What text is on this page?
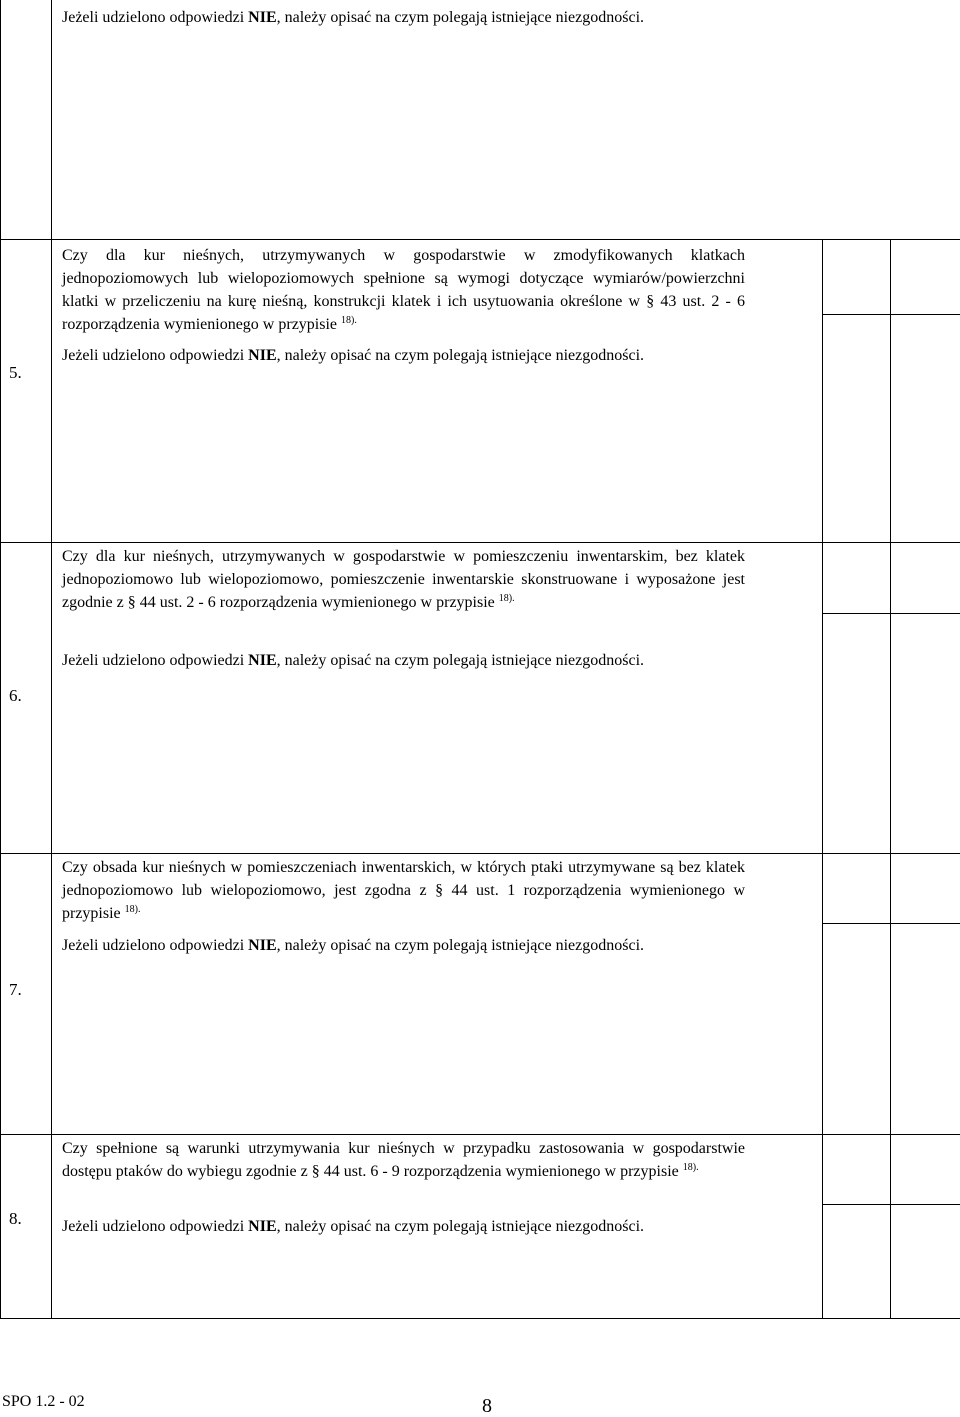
Jeżeli udzielono odpowiedzi NIE, należy opisać na czym polegają istniejące niezgodności.

5.

Czy dla kur nieśnych, utrzymywanych w gospodarstwie w zmodyfikowanych klatkach jednopoziomowych lub wielopoziomowych spełnione są wymogi dotyczące wymiarów/powierzchni klatki w przeliczeniu na kurę nieśną, konstrukcji klatek i ich usytuowania określone w § 43 ust. 2 - 6 rozporządzenia wymienionego w przypisie $^{18).}$

Jeżeli udzielono odpowiedzi NIE, należy opisać na czym polegają istniejące niezgodności.

6.

Czy dla kur nieśnych, utrzymywanych w gospodarstwie w pomieszczeniu inwentarskim, bez klatek jednopoziomowo lub wielopoziomowo, pomieszczenie inwentarskie skonstruowane i wyposażone jest zgodnie z § 44 ust. 2 - 6 rozporządzenia wymienionego w przypisie $^{18).}$

Jeżeli udzielono odpowiedzi NIE, należy opisać na czym polegają istniejące niezgodności.

7.

Czy obsada kur nieśnych w pomieszczeniach inwentarskich, w których ptaki utrzymywane są bez klatek jednopoziomowo lub wielopoziomowo, jest zgodna z § 44 ust. 1 rozporządzenia wymienionego w przypisie $^{18).}$

Jeżeli udzielono odpowiedzi NIE, należy opisać na czym polegają istniejące niezgodności.

8.

Czy spełnione są warunki utrzymywania kur nieśnych w przypadku zastosowania w gospodarstwie dostępu ptaków do wybiegu zgodnie z § 44 ust. 6 - 9 rozporządzenia wymienionego w przypisie $^{18).}$

Jeżeli udzielono odpowiedzi NIE, należy opisać na czym polegają istniejące niezgodności.

SPO 1.2 - 02	8
